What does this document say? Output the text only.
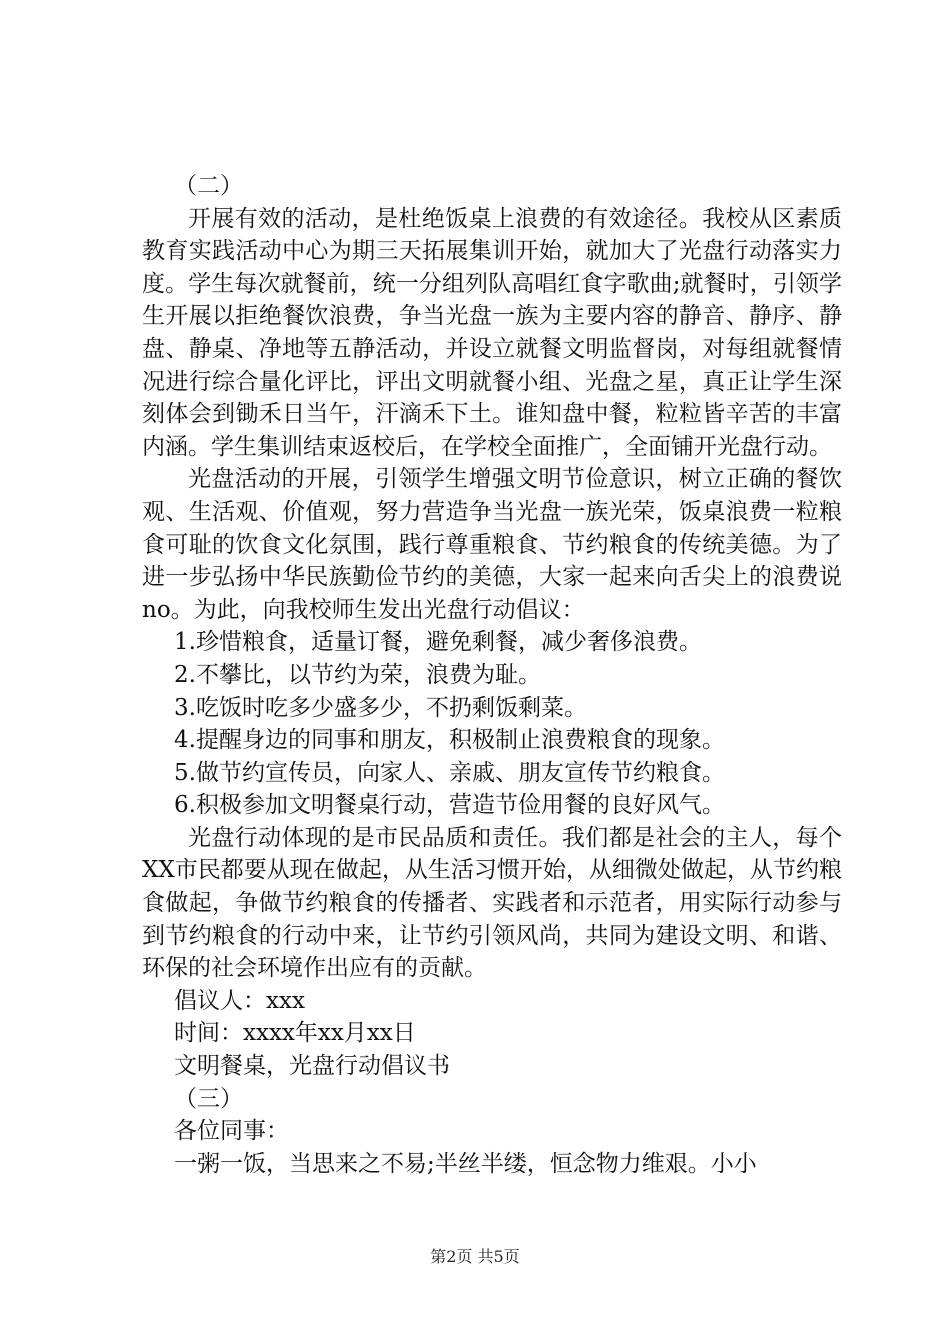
（二）

开展有效的活动，是杜绝饭桌上浪费的有效途径。我校从区素质教育实践活动中心为期三天拓展集训开始，就加大了光盘行动落实力度。学生每次就餐前，统一分组列队高唱红食字歌曲;就餐时，引领学生开展以拒绝餐饮浪费，争当光盘一族为主要内容的静音、静序、静盘、静桌、净地等五静活动，并设立就餐文明监督岗，对每组就餐情况进行综合量化评比，评出文明就餐小组、光盘之星，真正让学生深刻体会到锄禾日当午，汗滴禾下土。谁知盘中餐，粒粒皆辛苦的丰富内涵。学生集训结束返校后，在学校全面推广，全面铺开光盘行动。

光盘活动的开展，引领学生增强文明节俭意识，树立正确的餐饮观、生活观、价值观，努力营造争当光盘一族光荣，饭桌浪费一粒粮食可耻的饮食文化氛围，践行尊重粮食、节约粮食的传统美德。为了进一步弘扬中华民族勤俭节约的美德，大家一起来向舌尖上的浪费说no。为此，向我校师生发出光盘行动倡议：

1.珍惜粮食，适量订餐，避免剩餐，减少奢侈浪费。

2.不攀比，以节约为荣，浪费为耻。

3.吃饭时吃多少盛多少，不扔剩饭剩菜。

4.提醒身边的同事和朋友，积极制止浪费粮食的现象。

5.做节约宣传员，向家人、亲戚、朋友宣传节约粮食。

6.积极参加文明餐桌行动，营造节俭用餐的良好风气。

光盘行动体现的是市民品质和责任。我们都是社会的主人，每个XX市民都要从现在做起，从生活习惯开始，从细微处做起，从节约粮食做起，争做节约粮食的传播者、实践者和示范者，用实际行动参与到节约粮食的行动中来，让节约引领风尚，共同为建设文明、和谐、环保的社会环境作出应有的贡献。

倡议人：xxx

时间：xxxx年xx月xx日

文明餐桌，光盘行动倡议书

（三）

各位同事：

一粥一饭，当思来之不易;半丝半缕，恒念物力维艰。小小

第2页 共5页
